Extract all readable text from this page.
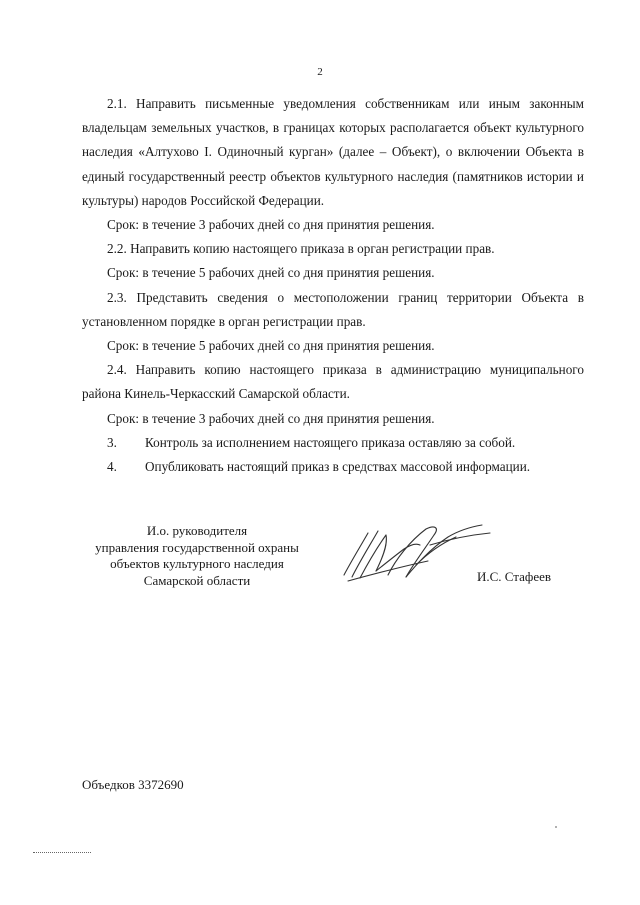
2

2.1. Направить письменные уведомления собственникам или иным законным владельцам земельных участков, в границах которых располагается объект культурного наследия «Алтухово I. Одиночный курган» (далее – Объект), о включении Объекта в единый государственный реестр объектов культурного наследия (памятников истории и культуры) народов Российской Федерации.

Срок: в течение 3 рабочих дней со дня принятия решения.

2.2. Направить копию настоящего приказа в орган регистрации прав.

Срок: в течение 5 рабочих дней со дня принятия решения.

2.3. Представить сведения о местоположении границ территории Объекта в установленном порядке в орган регистрации прав.

Срок: в течение 5 рабочих дней со дня принятия решения.

2.4. Направить копию настоящего приказа в администрацию муниципального района Кинель-Черкасский Самарской области.

Срок: в течение 3 рабочих дней со дня принятия решения.

3.	Контроль за исполнением настоящего приказа оставляю за собой.
4.	Опубликовать настоящий приказ в средствах массовой информации.
И.о. руководителя
управления государственной охраны
объектов культурного наследия
Самарской области	И.С. Стафеев
Объедков 3372690
